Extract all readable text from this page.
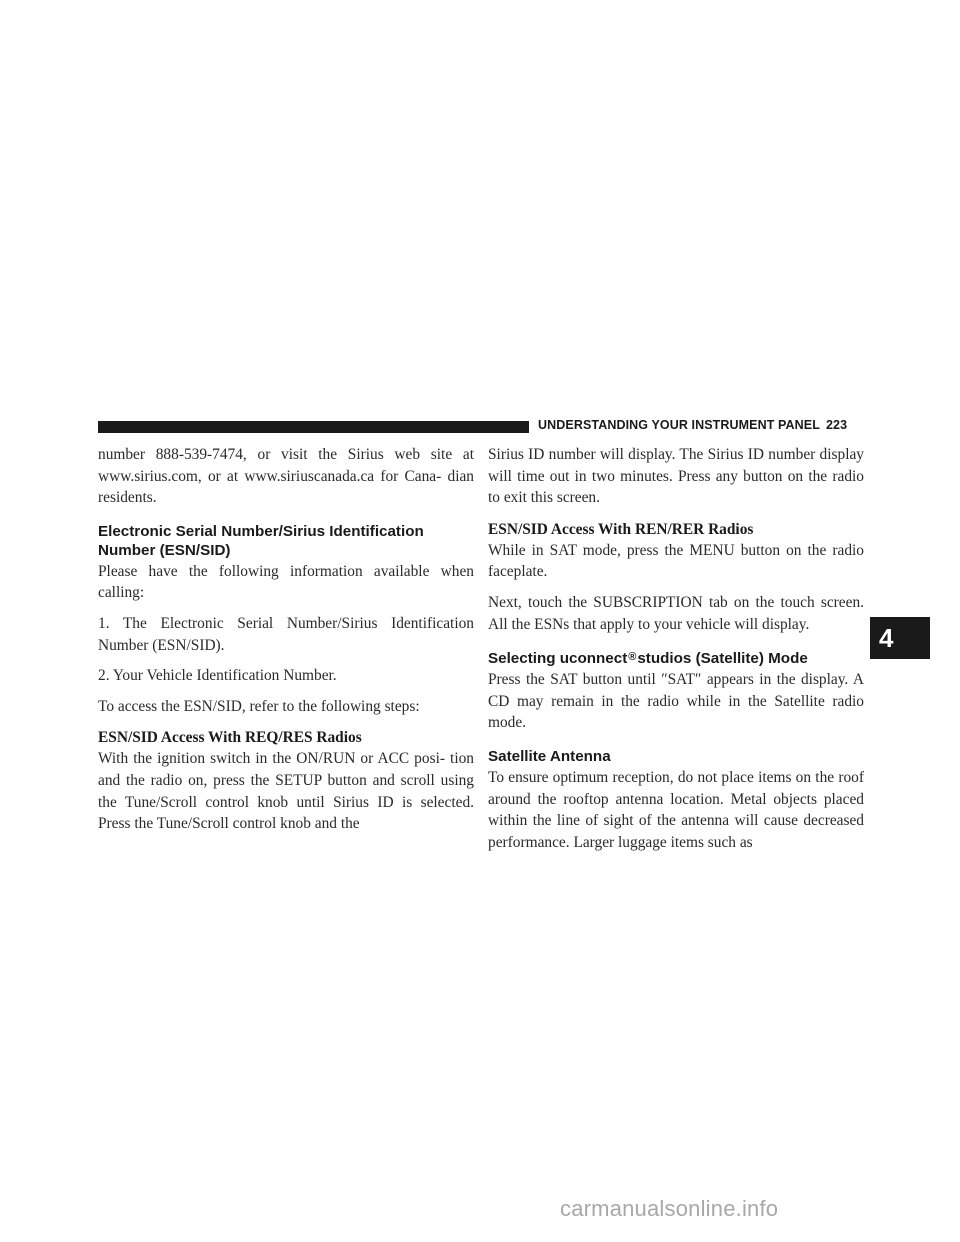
UNDERSTANDING YOUR INSTRUMENT PANEL 223

number 888-539-7474, or visit the Sirius web site at www.sirius.com, or at www.siriuscanada.ca for Cana- dian residents.

Electronic Serial Number/Sirius Identification
Number (ESN/SID)

Please have the following information available when calling:

1. The Electronic Serial Number/Sirius Identification Number (ESN/SID).

2. Your Vehicle Identification Number.

To access the ESN/SID, refer to the following steps:

ESN/SID Access With REQ/RES Radios

With the ignition switch in the ON/RUN or ACC posi- tion and the radio on, press the SETUP button and scroll using the Tune/Scroll control knob until Sirius ID is selected. Press the Tune/Scroll control knob and the

Sirius ID number will display. The Sirius ID number display will time out in two minutes. Press any button on the radio to exit this screen.

ESN/SID Access With REN/RER Radios

While in SAT mode, press the MENU button on the radio faceplate.

Next, touch the SUBSCRIPTION tab on the touch screen. All the ESNs that apply to your vehicle will display.

Selecting uconnect®studios (Satellite) Mode

Press the SAT button until ″SAT″ appears in the display. A CD may remain in the radio while in the Satellite radio mode.

Satellite Antenna

To ensure optimum reception, do not place items on the roof around the rooftop antenna location. Metal objects placed within the line of sight of the antenna will cause decreased performance. Larger luggage items such as

4
carmanualsonline.info
